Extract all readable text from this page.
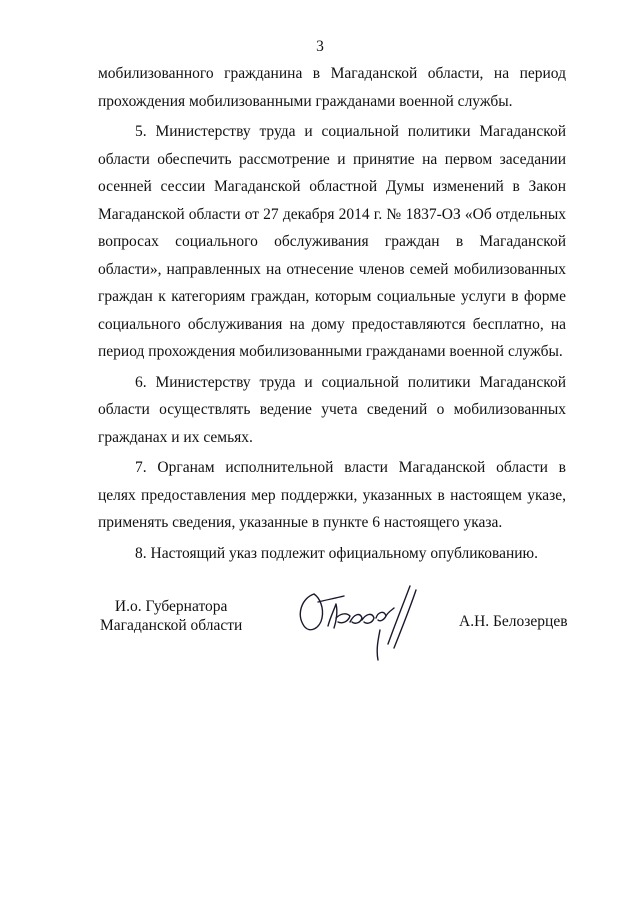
3

мобилизованного гражданина в Магаданской области, на период прохождения мобилизованными гражданами военной службы.

5. Министерству труда и социальной политики Магаданской области обеспечить рассмотрение и принятие на первом заседании осенней сессии Магаданской областной Думы изменений в Закон Магаданской области от 27 декабря 2014 г. № 1837-ОЗ «Об отдельных вопросах социального обслуживания граждан в Магаданской области», направленных на отнесение членов семей мобилизованных граждан к категориям граждан, которым социальные услуги в форме социального обслуживания на дому предоставляются бесплатно, на период прохождения мобилизованными гражданами военной службы.

6. Министерству труда и социальной политики Магаданской области осуществлять ведение учета сведений о мобилизованных гражданах и их семьях.

7. Органам исполнительной власти Магаданской области в целях предоставления мер поддержки, указанных в настоящем указе, применять сведения, указанные в пункте 6 настоящего указа.

8. Настоящий указ подлежит официальному опубликованию.

И.о. Губернатора
Магаданской области	А.Н. Белозерцев
